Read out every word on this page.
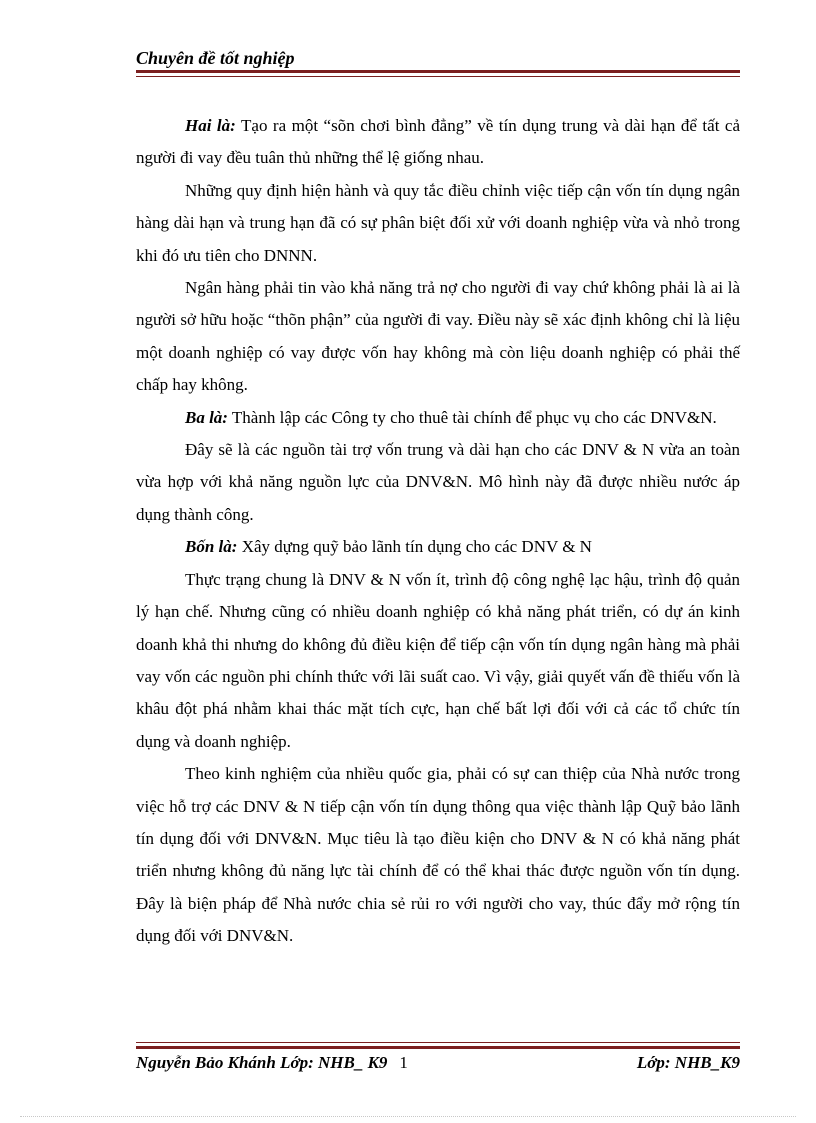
Chuyên đề tốt nghiệp

Hai là: Tạo ra một “sõn chơi bình đẳng” về tín dụng trung và dài hạn để tất cả người đi vay đều tuân thủ những thể lệ giống nhau.

Những quy định hiện hành và quy tắc điều chỉnh việc tiếp cận vốn tín dụng ngân hàng dài hạn và trung hạn đã có sự phân biệt đối xử với doanh nghiệp vừa và nhỏ trong khi đó ưu tiên cho DNNN.

Ngân hàng phải tin vào khả năng trả nợ cho người đi vay chứ không phải là ai là người sở hữu hoặc “thõn phận” của người đi vay. Điều này sẽ xác định không chỉ là liệu một doanh nghiệp có vay được vốn hay không mà còn liệu doanh nghiệp có phải thế chấp hay không.

Ba là: Thành lập các Công ty cho thuê tài chính để phục vụ cho các DNV&N.

Đây sẽ là các nguồn tài trợ vốn trung và dài hạn cho các DNV & N vừa an toàn vừa hợp với khả năng nguồn lực của DNV&N. Mô hình này đã được nhiều nước áp dụng thành công.

Bốn là: Xây dựng quỹ bảo lãnh tín dụng cho các DNV & N

Thực trạng chung là DNV & N vốn ít, trình độ công nghệ lạc hậu, trình độ quản lý hạn chế. Nhưng cũng có nhiều doanh nghiệp có khả năng phát triển, có dự án kinh doanh khả thi nhưng do không đủ điều kiện để tiếp cận vốn tín dụng ngân hàng mà phải vay vốn các nguồn phi chính thức với lãi suất cao. Vì vậy, giải quyết vấn đề thiếu vốn là khâu đột phá nhằm khai thác mặt tích cực, hạn chế bất lợi đối với cả các tổ chức tín dụng và doanh nghiệp.

Theo kinh nghiệm của nhiều quốc gia, phải có sự can thiệp của Nhà nước trong việc hỗ trợ các DNV & N tiếp cận vốn tín dụng thông qua việc thành lập Quỹ bảo lãnh tín dụng đối với DNV&N. Mục tiêu là tạo điều kiện cho DNV & N có khả năng phát triển nhưng không đủ năng lực tài chính để có thể khai thác được nguồn vốn tín dụng. Đây là biện pháp để Nhà nước chia sẻ rủi ro với người cho vay, thúc đẩy mở rộng tín dụng đối với DNV&N.

Nguyễn Bảo Khánh Lớp: NHB_ K9 1	Lớp: NHB_K9
